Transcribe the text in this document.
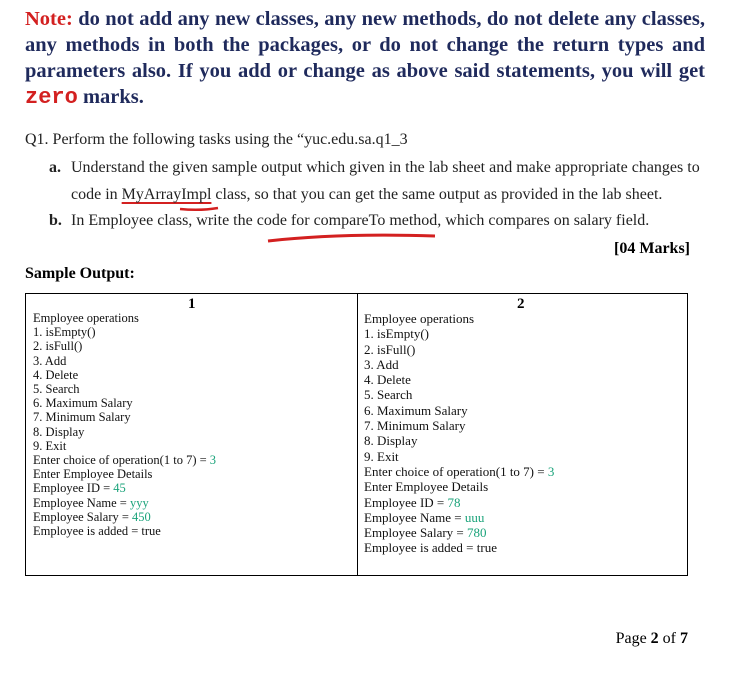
Note: do not add any new classes, any new methods, do not delete any classes, any methods in both the packages, or do not change the return types and parameters also. If you add or change as above said statements, you will get zero marks.
Q1. Perform the following tasks using the “yuc.edu.sa.q1_3
a. Understand the given sample output which given in the lab sheet and make appropriate changes to
code in MyArrayImpl class, so that you can get the same output as provided in the lab sheet.
b. In Employee class, write the code for compareTo method, which compares on salary field.
[04 Marks]
Sample Output:
1	2
Employee operations
1. isEmpty()
2. isFull()
3. Add
4. Delete
5. Search
6. Maximum Salary
7. Minimum Salary
8. Display
9. Exit
Enter choice of operation(1 to 7) = 3
Enter Employee Details
Employee ID = 45
Employee Name = yyy
Employee Salary = 450
Employee is added = true
Employee operations
1. isEmpty()
2. isFull()
3. Add
4. Delete
5. Search
6. Maximum Salary
7. Minimum Salary
8. Display
9. Exit
Enter choice of operation(1 to 7) = 3
Enter Employee Details
Employee ID = 78
Employee Name = uuu
Employee Salary = 780
Employee is added = true
Page 2 of 7
